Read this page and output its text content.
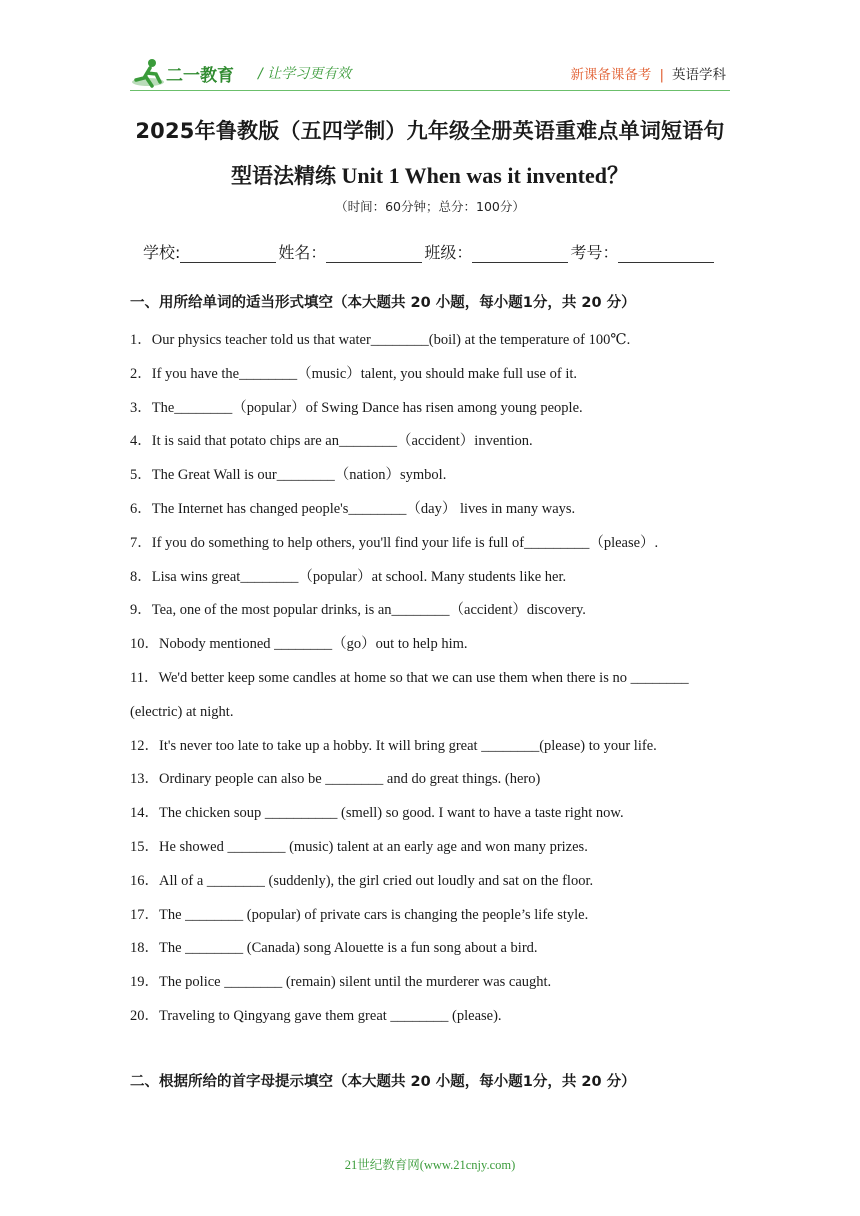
二一教育 / 让学习更有效	新课备课备考 | 英语学科
2025年鲁教版（五四学制）九年级全册英语重难点单词短语句
型语法精练 Unit 1 When was it invented？
（时间：60分钟；总分：100分）
学校:	姓名：	班级：	考号：
一、用所给单词的适当形式填空（本大题共 20 小题，每小题1分，共 20 分）
1．Our physics teacher told us that water________(boil) at the temperature of 100℃.
2．If you have the________（music）talent, you should make full use of it.
3．The________（popular）of Swing Dance has risen among young people.
4．It is said that potato chips are an________（accident）invention.
5．The Great Wall is our________（nation）symbol.
6．The Internet has changed people's________（day） lives in many ways.
7．If you do something to help others, you'll find your life is full of_________（please）.
8．Lisa wins great________（popular）at school. Many students like her.
9．Tea, one of the most popular drinks, is an________（accident）discovery.
10．Nobody mentioned ________（go）out to help him.
11．We'd better keep some candles at home so that we can use them when there is no ________ (electric) at night.
12．It's never too late to take up a hobby. It will bring great ________(please) to your life.
13．Ordinary people can also be ________ and do great things. (hero)
14．The chicken soup __________ (smell) so good. I want to have a taste right now.
15．He showed ________ (music) talent at an early age and won many prizes.
16．All of a ________ (suddenly), the girl cried out loudly and sat on the floor.
17．The ________ (popular) of private cars is changing the people’s life style.
18．The ________ (Canada) song Alouette is a fun song about a bird.
19．The police ________ (remain) silent until the murderer was caught.
20．Traveling to Qingyang gave them great ________ (please).
二、根据所给的首字母提示填空（本大题共 20 小题，每小题1分，共 20 分）
21世纪教育网(www.21cnjy.com)
